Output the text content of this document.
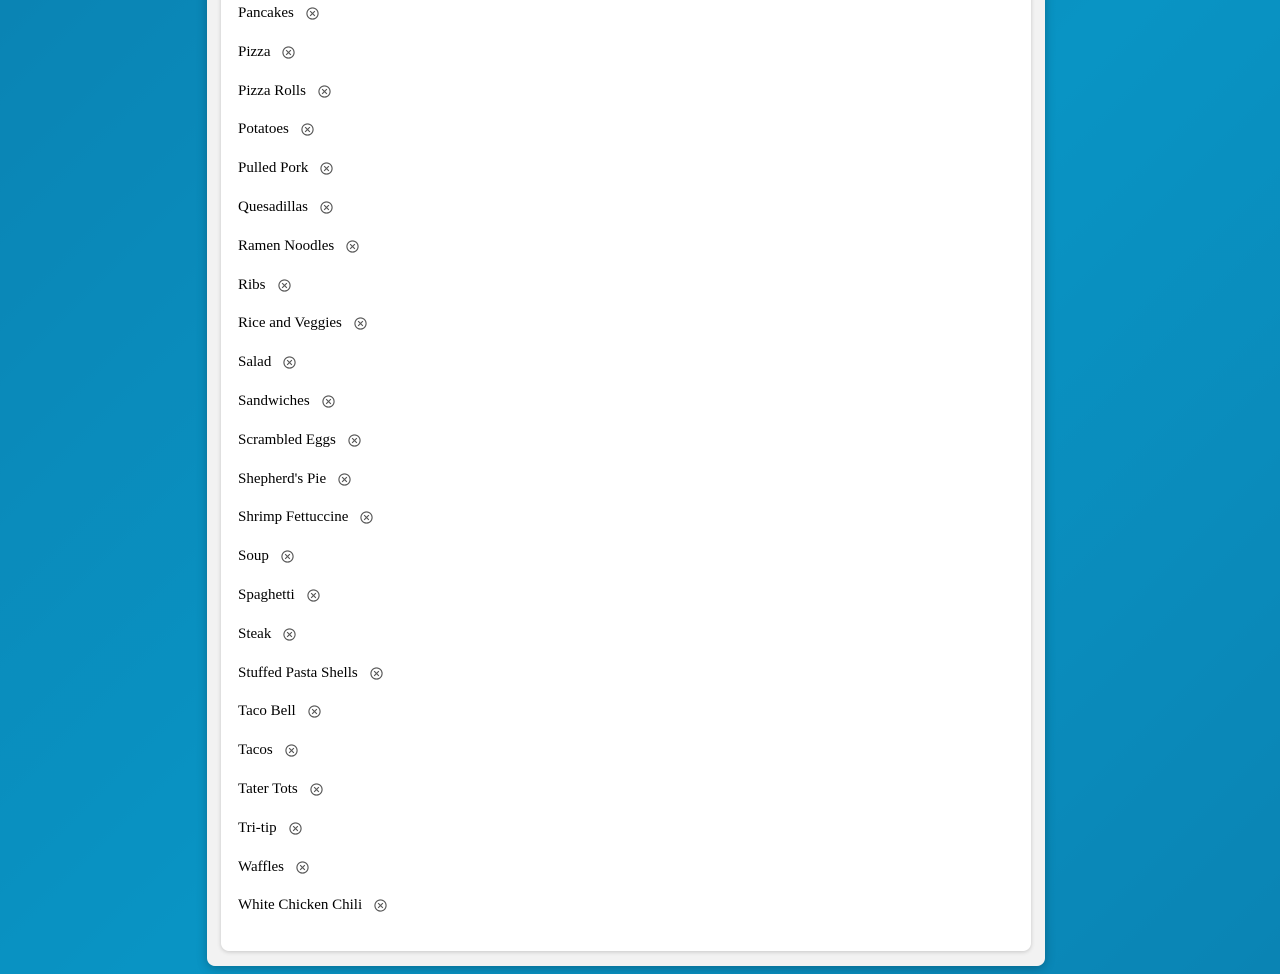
Pancakes
Pizza
Pizza Rolls
Potatoes
Pulled Pork
Quesadillas
Ramen Noodles
Ribs
Rice and Veggies
Salad
Sandwiches
Scrambled Eggs
Shepherd's Pie
Shrimp Fettuccine
Soup
Spaghetti
Steak
Stuffed Pasta Shells
Taco Bell
Tacos
Tater Tots
Tri-tip
Waffles
White Chicken Chili
